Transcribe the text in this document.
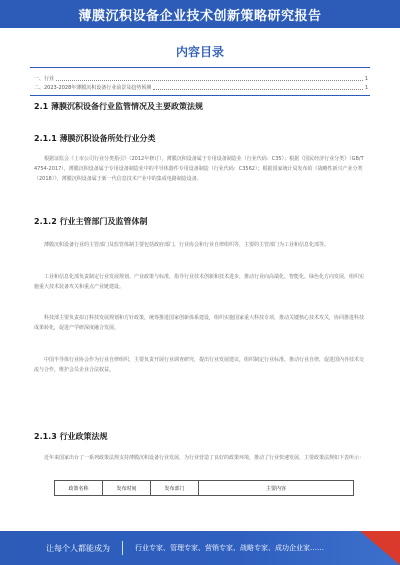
薄膜沉积设备企业技术创新策略研究报告
内容目录
一、行业	1
二、2023-2028年薄膜沉积设备行业前景及趋势预测	1
2.1 薄膜沉积设备行业监管情况及主要政策法规
2.1.1 薄膜沉积设备所处行业分类
根据证监会《上市公司行业分类指引》（2012年修订），薄膜沉积设备属于专用设备制造业（行业代码：C35）；根据《国民经济行业分类》（GB/T 4754-2017），薄膜沉积设备属于专用设备制造业中的半导体器件专用设备制造（行业代码：C3562）；根据国家统计局发布的《战略性新兴产业分类（2018）》，薄膜沉积设备属于新一代信息技术产业中的集成电路制造设备。
2.1.2 行业主管部门及监管体制
薄膜沉积设备行业的主管部门及监管体制主要包括政府部门、行业协会和行业自律组织等，主要的主管部门为工业和信息化部等。
工业和信息化部负责制定行业发展规划、产业政策与标准，指导行业技术创新和技术进步，推动行业向高端化、智能化、绿色化方向发展，组织实施重大技术装备攻关和重点产业链建设。
科技部主要负责拟订科技发展规划和方针政策，统筹推进国家创新体系建设，组织实施国家重大科技专项，推动关键核心技术攻关，协同推进科技成果转化，促进产学研深度融合发展。
中国半导体行业协会作为行业自律组织，主要负责开展行业调查研究，提出行业发展建议，组织制定行业标准，推动行业自律，促进国内外技术交流与合作，维护会员企业合法权益。
2.1.3 行业政策法规
近年来国家出台了一系列政策法规支持薄膜沉积设备行业发展，为行业营造了良好的政策环境，推动了行业快速发展，主要政策法规如下表所示：
政策名称	发布时间	发布部门	主要内容
让每个人都能成为	行业专家、管理专家、营销专家、战略专家、成功企业家……
